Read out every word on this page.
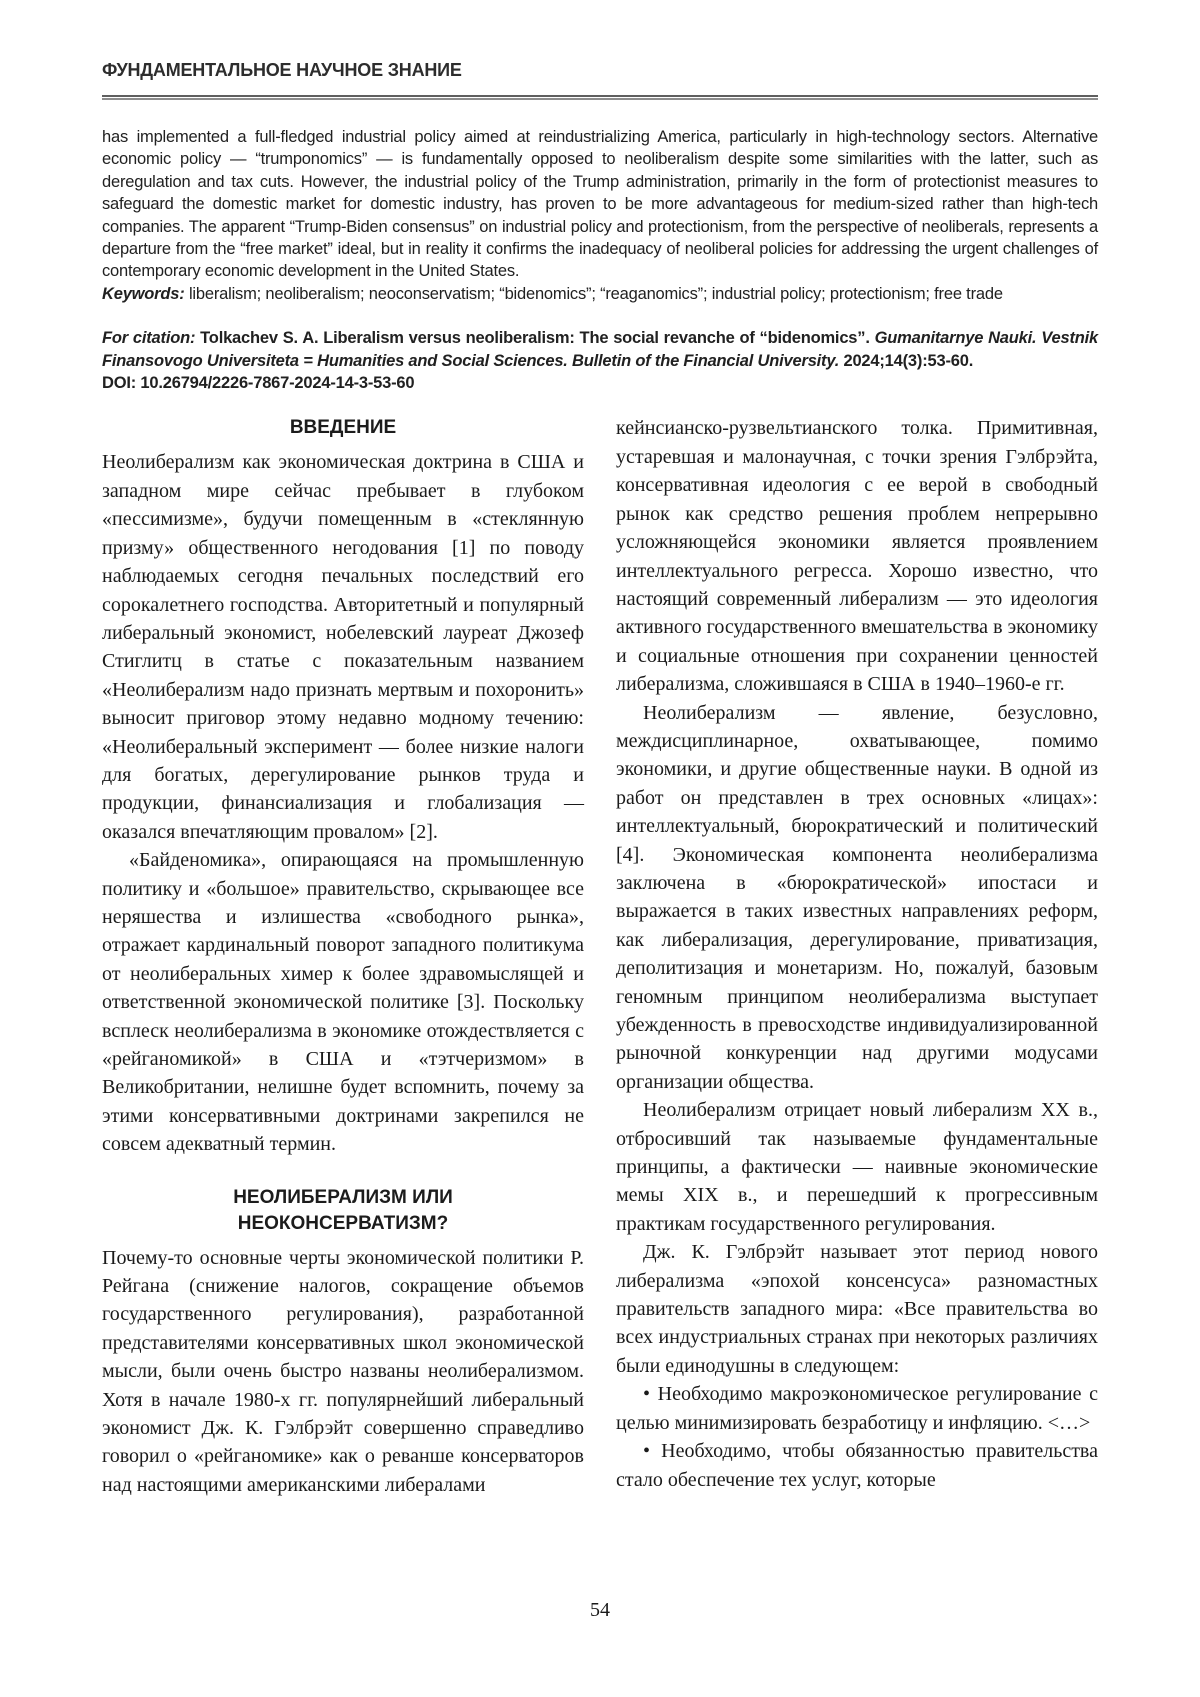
ФУНДАМЕНТАЛЬНОЕ НАУЧНОЕ ЗНАНИЕ

has implemented a full-fledged industrial policy aimed at reindustrializing America, particularly in high-technology sectors. Alternative economic policy — “trumponomics” — is fundamentally opposed to neoliberalism despite some similarities with the latter, such as deregulation and tax cuts. However, the industrial policy of the Trump administration, primarily in the form of protectionist measures to safeguard the domestic market for domestic industry, has proven to be more advantageous for medium-sized rather than high-tech companies. The apparent “Trump-Biden consensus” on industrial policy and protectionism, from the perspective of neoliberals, represents a departure from the “free market” ideal, but in reality it confirms the inadequacy of neoliberal policies for addressing the urgent challenges of contemporary economic development in the United States.

Keywords: liberalism; neoliberalism; neoconservatism; “bidenomics”; “reaganomics”; industrial policy; protectionism; free trade

For citation: Tolkachev S. A. Liberalism versus neoliberalism: The social revanche of “bidenomics”. Gumanitarnye Nauki. Vestnik Finansovogo Universiteta = Humanities and Social Sciences. Bulletin of the Financial University. 2024;14(3):53-60.

DOI: 10.26794/2226-7867-2024-14-3-53-60

ВВЕДЕНИЕ

Неолиберализм как экономическая доктрина в США и западном мире сейчас пребывает в глубоком «пессимизме», будучи помещенным в «стеклянную призму» общественного негодования [1] по поводу наблюдаемых сегодня печальных последствий его сорокалетнего господства. Авторитетный и популярный либеральный экономист, нобелевский лауреат Джозеф Стиглитц в статье с показательным названием «Неолиберализм надо признать мертвым и похоронить» выносит приговор этому недавно модному течению: «Неолиберальный эксперимент — более низкие налоги для богатых, дерегулирование рынков труда и продукции, финансиализация и глобализация — оказался впечатляющим провалом» [2].

«Байденомика», опирающаяся на промышленную политику и «большое» правительство, скрывающее все неряшества и излишества «свободного рынка», отражает кардинальный поворот западного политикума от неолиберальных химер к более здравомыслящей и ответственной экономической политике [3]. Поскольку всплеск неолиберализма в экономике отождествляется с «рейганомикой» в США и «тэтчеризмом» в Великобритании, нелишне будет вспомнить, почему за этими консервативными доктринами закрепился не совсем адекватный термин.

НЕОЛИБЕРАЛИЗМ ИЛИ
НЕОКОНСЕРВАТИЗМ?

Почему-то основные черты экономической политики Р. Рейгана (снижение налогов, сокращение объемов государственного регулирования), разработанной представителями консервативных школ экономической мысли, были очень быстро названы неолиберализмом. Хотя в начале 1980-х гг. популярнейший либеральный экономист Дж. К. Гэлбрэйт совершенно справедливо говорил о «рейганомике» как о реванше консерваторов над настоящими американскими либералами

кейнсианско-рузвельтианского толка. Примитивная, устаревшая и малонаучная, с точки зрения Гэлбрэйта, консервативная идеология с ее верой в свободный рынок как средство решения проблем непрерывно усложняющейся экономики является проявлением интеллектуального регресса. Хорошо известно, что настоящий современный либерализм — это идеология активного государственного вмешательства в экономику и социальные отношения при сохранении ценностей либерализма, сложившаяся в США в 1940–1960-е гг.

Неолиберализм — явление, безусловно, междисциплинарное, охватывающее, помимо экономики, и другие общественные науки. В одной из работ он представлен в трех основных «лицах»: интеллектуальный, бюрократический и политический [4]. Экономическая компонента неолиберализма заключена в «бюрократической» ипостаси и выражается в таких известных направлениях реформ, как либерализация, дерегулирование, приватизация, деполитизация и монетаризм. Но, пожалуй, базовым геномным принципом неолиберализма выступает убежденность в превосходстве индивидуализированной рыночной конкуренции над другими модусами организации общества.

Неолиберализм отрицает новый либерализм XX в., отбросивший так называемые фундаментальные принципы, а фактически — наивные экономические мемы XIX в., и перешедший к прогрессивным практикам государственного регулирования.

Дж. К. Гэлбрэйт называет этот период нового либерализма «эпохой консенсуса» разномастных правительств западного мира: «Все правительства во всех индустриальных странах при некоторых различиях были единодушны в следующем:

• Необходимо макроэкономическое регулирование с целью минимизировать безработицу и инфляцию. <…>

• Необходимо, чтобы обязанностью правительства стало обеспечение тех услуг, которые

54
